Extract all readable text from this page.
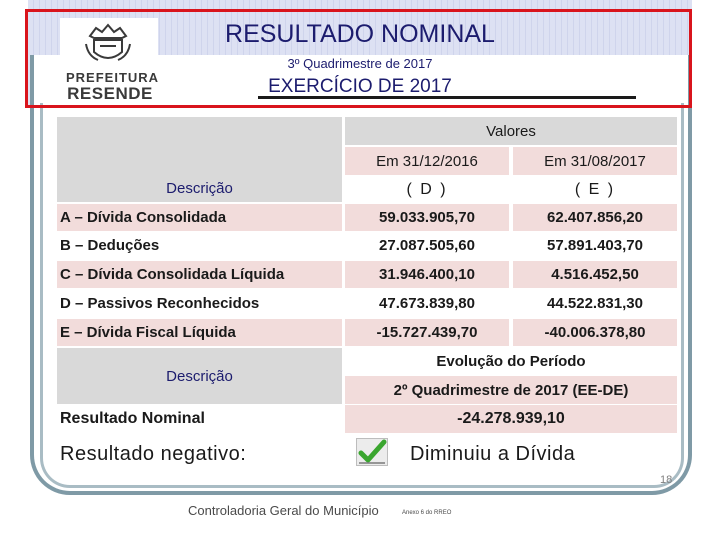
PREFEITURA
RESENDE
RESULTADO NOMINAL
3º Quadrimestre de 2017
EXERCÍCIO DE 2017
Descrição
Valores
Em 31/12/2016	Em 31/08/2017
( D )	( E )
A – Dívida Consolidada	59.033.905,70	62.407.856,20
B – Deduções	27.087.505,60	57.891.403,70
C – Dívida Consolidada Líquida	31.946.400,10	4.516.452,50
D – Passivos Reconhecidos	47.673.839,80	44.522.831,30
E – Dívida Fiscal Líquida	-15.727.439,70	-40.006.378,80
Descrição
Evolução do Período
2º Quadrimestre de 2017 (EE-DE)
Resultado Nominal	-24.278.939,10
Resultado negativo:	Diminuiu a Dívida
18
Controladoria Geral do Município	Anexo 6 do RREO
